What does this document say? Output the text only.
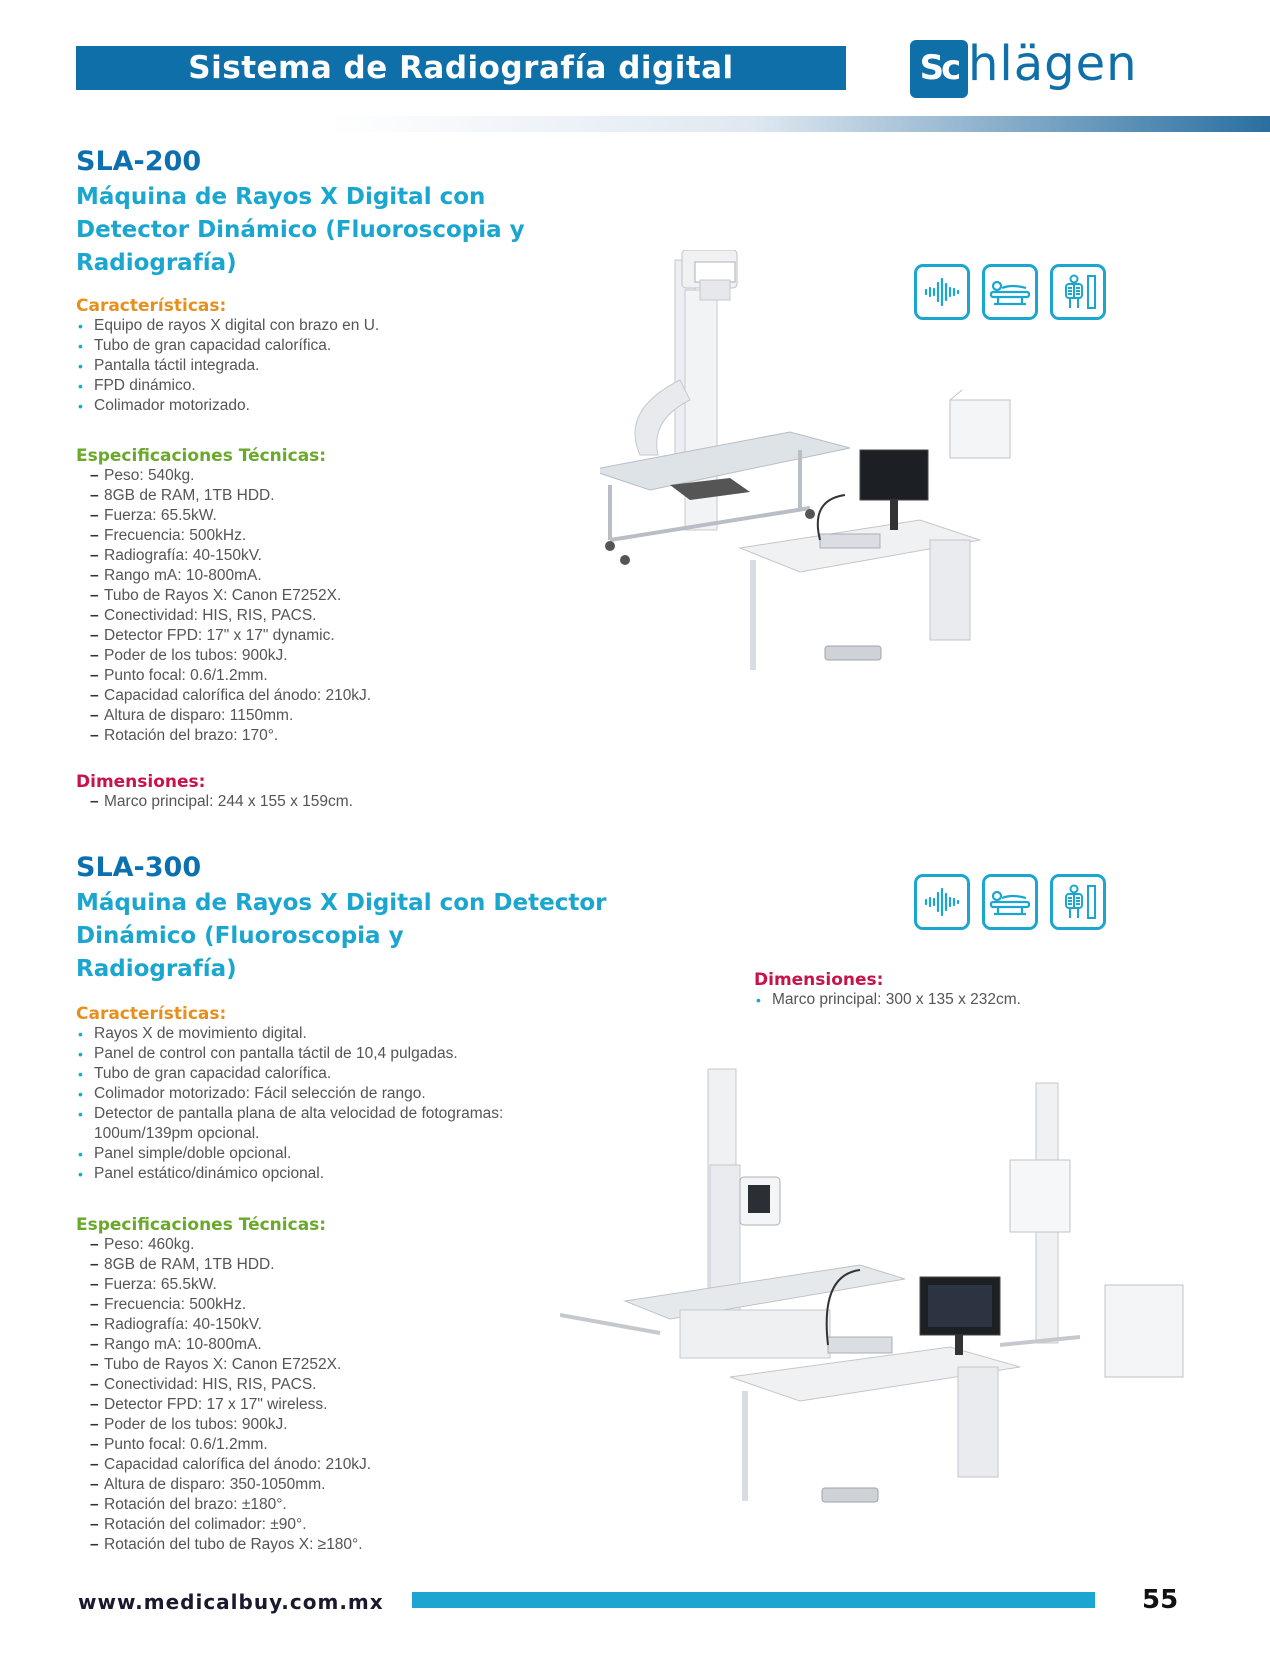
Sistema de Radiografía digital	Sc hlägen

SLA-200

Máquina de Rayos X Digital con

Detector Dinámico (Fluoroscopia y

Radiografía)

Características:
• Equipo de rayos X digital con brazo en U.
• Tubo de gran capacidad calorífica.
• Pantalla táctil integrada.
• FPD dinámico.
• Colimador motorizado.
Especificaciones Técnicas:
– Peso: 540kg.
– 8GB de RAM, 1TB HDD.
– Fuerza: 65.5kW.
– Frecuencia: 500kHz.
– Radiografía: 40-150kV.
– Rango mA: 10-800mA.
– Tubo de Rayos X: Canon E7252X.
– Conectividad: HIS, RIS, PACS.
– Detector FPD: 17" x 17" dynamic.
– Poder de los tubos: 900kJ.
– Punto focal: 0.6/1.2mm.
– Capacidad calorífica del ánodo: 210kJ.
– Altura de disparo: 1150mm.
– Rotación del brazo: 170°.
Dimensiones:
– Marco principal: 244 x 155 x 159cm.

SLA-300

Máquina de Rayos X Digital con Detector

Dinámico (Fluoroscopia y

Radiografía)

Características:
• Rayos X de movimiento digital.
• Panel de control con pantalla táctil de 10,4 pulgadas.
• Tubo de gran capacidad calorífica.
• Colimador motorizado: Fácil selección de rango.
• Detector de pantalla plana de alta velocidad de fotogramas: 100um/139pm opcional.
• Panel simple/doble opcional.
• Panel estático/dinámico opcional.
Especificaciones Técnicas:
– Peso: 460kg.
– 8GB de RAM, 1TB HDD.
– Fuerza: 65.5kW.
– Frecuencia: 500kHz.
– Radiografía: 40-150kV.
– Rango mA: 10-800mA.
– Tubo de Rayos X: Canon E7252X.
– Conectividad: HIS, RIS, PACS.
– Detector FPD: 17 x 17" wireless.
– Poder de los tubos: 900kJ.
– Punto focal: 0.6/1.2mm.
– Capacidad calorífica del ánodo: 210kJ.
– Altura de disparo: 350-1050mm.
– Rotación del brazo: ±180°.
– Rotación del colimador: ±90°.
– Rotación del tubo de Rayos X: ≥180°.
Dimensiones:
• Marco principal: 300 x 135 x 232cm.
www.medicalbuy.com.mx	55
